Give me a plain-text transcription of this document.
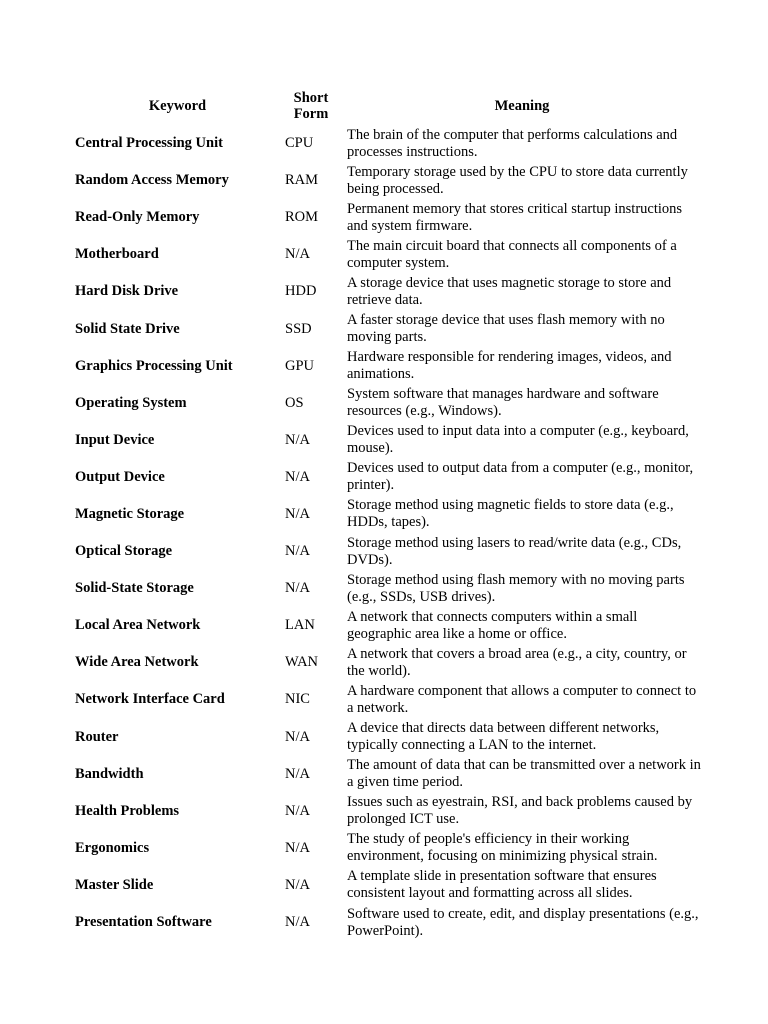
Keyword	Short Form	Meaning
Central Processing Unit	CPU	The brain of the computer that performs calculations and processes instructions.
Random Access Memory	RAM	Temporary storage used by the CPU to store data currently being processed.
Read-Only Memory	ROM	Permanent memory that stores critical startup instructions and system firmware.
Motherboard	N/A	The main circuit board that connects all components of a computer system.
Hard Disk Drive	HDD	A storage device that uses magnetic storage to store and retrieve data.
Solid State Drive	SSD	A faster storage device that uses flash memory with no moving parts.
Graphics Processing Unit	GPU	Hardware responsible for rendering images, videos, and animations.
Operating System	OS	System software that manages hardware and software resources (e.g., Windows).
Input Device	N/A	Devices used to input data into a computer (e.g., keyboard, mouse).
Output Device	N/A	Devices used to output data from a computer (e.g., monitor, printer).
Magnetic Storage	N/A	Storage method using magnetic fields to store data (e.g., HDDs, tapes).
Optical Storage	N/A	Storage method using lasers to read/write data (e.g., CDs, DVDs).
Solid-State Storage	N/A	Storage method using flash memory with no moving parts (e.g., SSDs, USB drives).
Local Area Network	LAN	A network that connects computers within a small geographic area like a home or office.
Wide Area Network	WAN	A network that covers a broad area (e.g., a city, country, or the world).
Network Interface Card	NIC	A hardware component that allows a computer to connect to a network.
Router	N/A	A device that directs data between different networks, typically connecting a LAN to the internet.
Bandwidth	N/A	The amount of data that can be transmitted over a network in a given time period.
Health Problems	N/A	Issues such as eyestrain, RSI, and back problems caused by prolonged ICT use.
Ergonomics	N/A	The study of people's efficiency in their working environment, focusing on minimizing physical strain.
Master Slide	N/A	A template slide in presentation software that ensures consistent layout and formatting across all slides.
Presentation Software	N/A	Software used to create, edit, and display presentations (e.g., PowerPoint).
